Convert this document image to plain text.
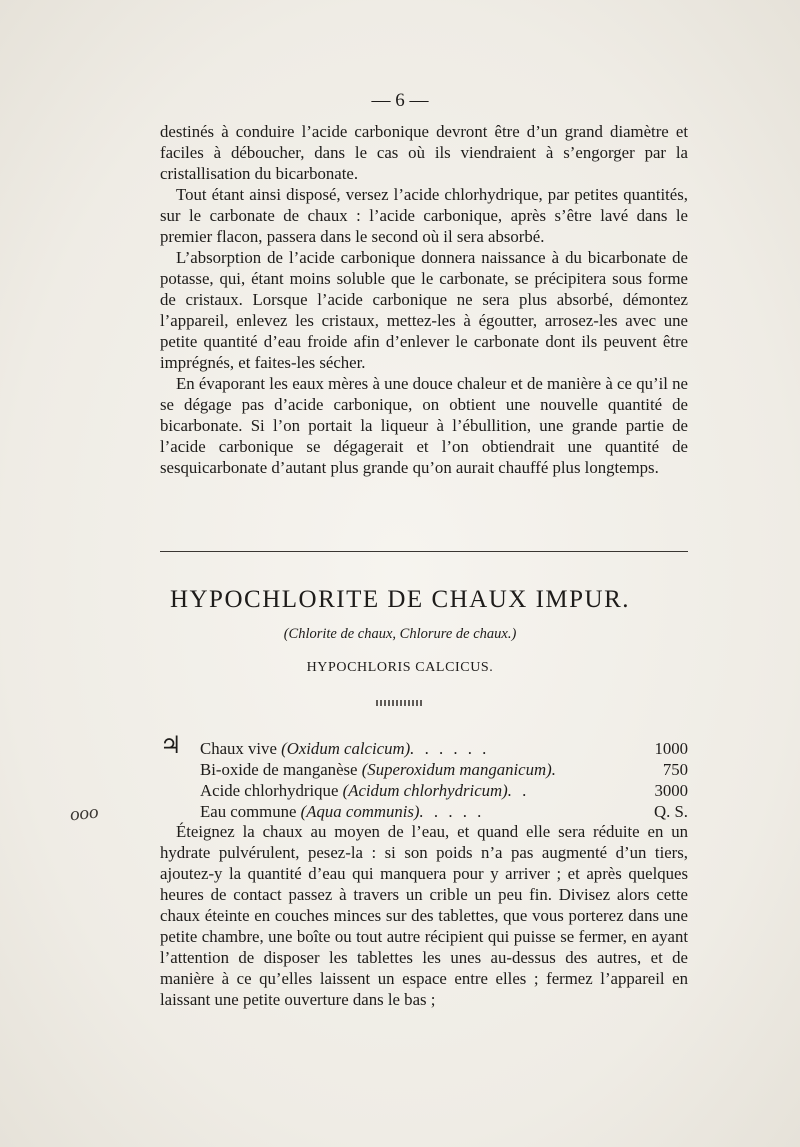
— 6 —

destinés à conduire l’acide carbonique devront être d’un grand diamètre et faciles à déboucher, dans le cas où ils viendraient à s’engorger par la cristallisation du bicarbonate.

Tout étant ainsi disposé, versez l’acide chlorhydrique, par petites quantités, sur le carbonate de chaux : l’acide carbonique, après s’être lavé dans le premier flacon, passera dans le second où il sera absorbé.

L’absorption de l’acide carbonique donnera naissance à du bicarbonate de potasse, qui, étant moins soluble que le carbonate, se précipitera sous forme de cristaux. Lorsque l’acide carbonique ne sera plus absorbé, démontez l’appareil, enlevez les cristaux, mettez-les à égoutter, arrosez-les avec une petite quantité d’eau froide afin d’enlever le carbonate dont ils peuvent être imprégnés, et faites-les sécher.

En évaporant les eaux mères à une douce chaleur et de manière à ce qu’il ne se dégage pas d’acide carbonique, on obtient une nouvelle quantité de bicarbonate. Si l’on portait la liqueur à l’ébullition, une grande partie de l’acide carbonique se dégagerait et l’on obtiendrait une quantité de sesquicarbonate d’autant plus grande qu’on aurait chauffé plus longtemps.

HYPOCHLORITE DE CHAUX IMPUR.
(Chlorite de chaux, Chlorure de chaux.)
HYPOCHLORIS CALCICUS.
♃ Chaux vive (Oxidum calcicum). . . . . .	1000
Bi-oxide de manganèse (Superoxidum manganicum).	750
Acide chlorhydrique (Acidum chlorhydricum). .	3000
Eau commune (Aqua communis). . . . .	Q. S.
ooo

Éteignez la chaux au moyen de l’eau, et quand elle sera réduite en un hydrate pulvérulent, pesez-la : si son poids n’a pas augmenté d’un tiers, ajoutez-y la quantité d’eau qui manquera pour y arriver ; et après quelques heures de contact passez à travers un crible un peu fin. Divisez alors cette chaux éteinte en couches minces sur des tablettes, que vous porterez dans une petite chambre, une boîte ou tout autre récipient qui puisse se fermer, en ayant l’attention de disposer les tablettes les unes au-dessus des autres, et de manière à ce qu’elles laissent un espace entre elles ; fermez l’appareil en laissant une petite ouverture dans le bas ;
